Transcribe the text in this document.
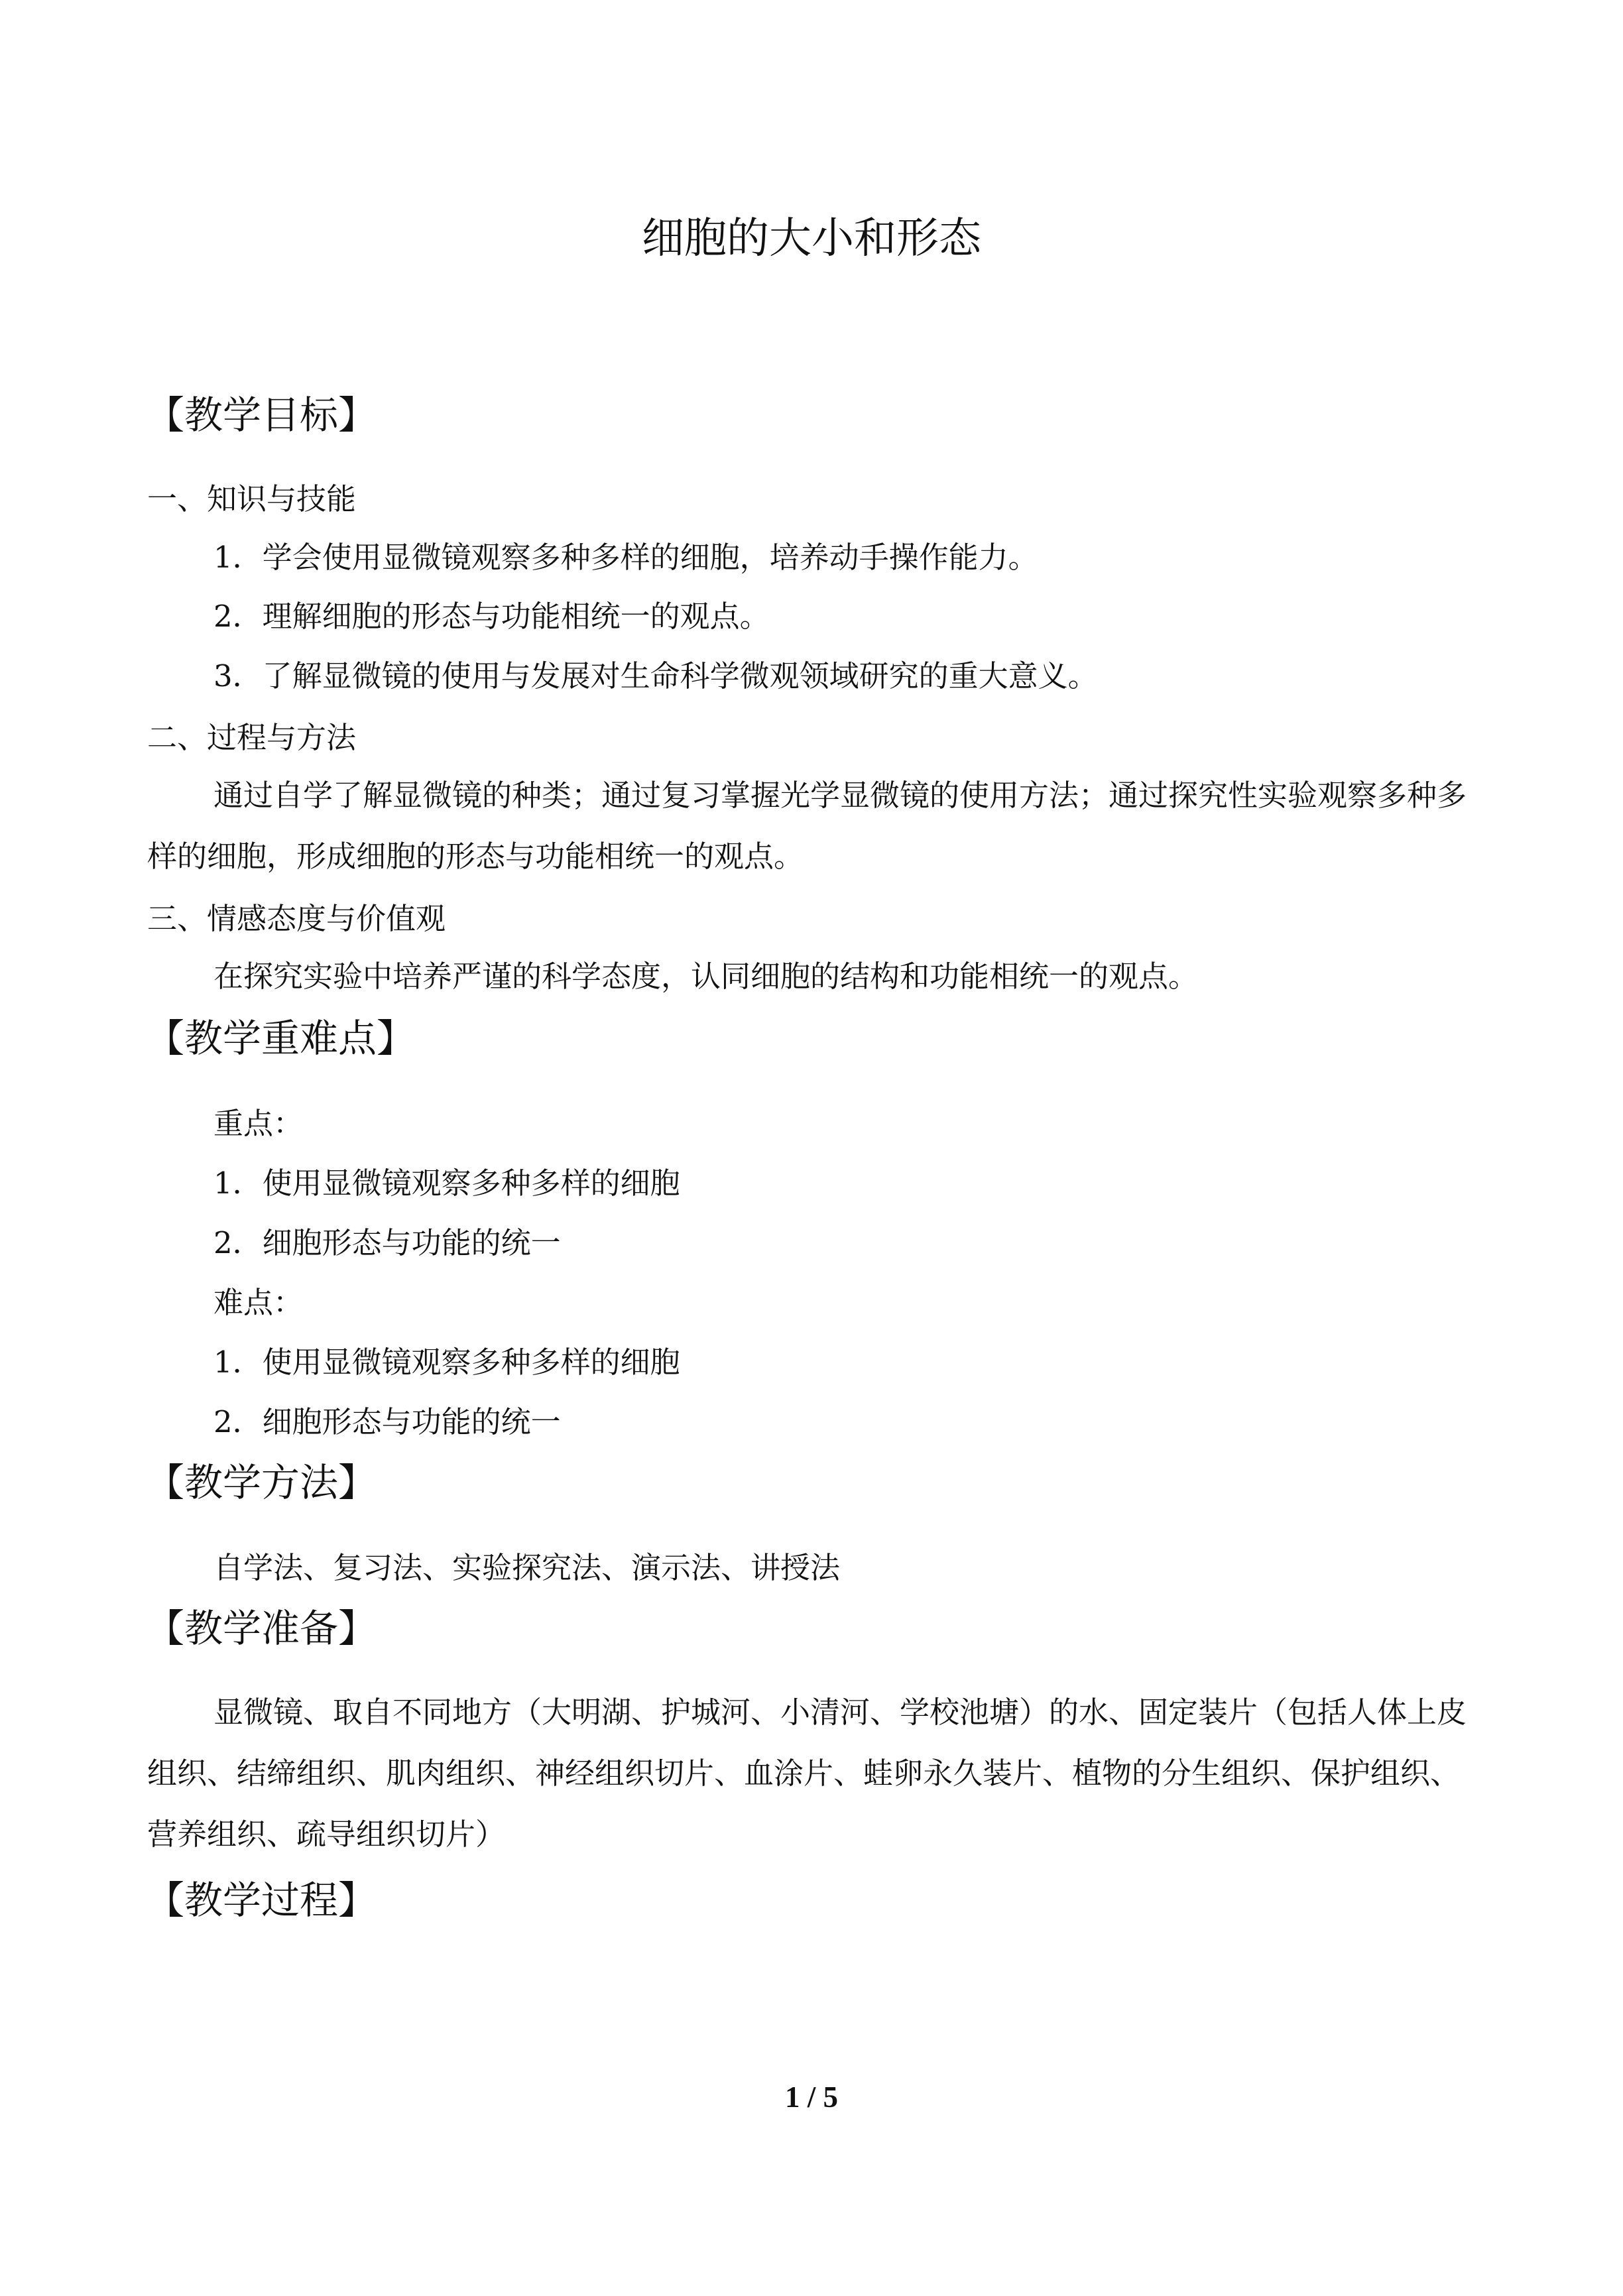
细胞的大小和形态
【教学目标】
一、知识与技能
1．学会使用显微镜观察多种多样的细胞，培养动手操作能力。
2．理解细胞的形态与功能相统一的观点。
3．了解显微镜的使用与发展对生命科学微观领域研究的重大意义。
二、过程与方法
通过自学了解显微镜的种类；通过复习掌握光学显微镜的使用方法；通过探究性实验观察多种多样的细胞，形成细胞的形态与功能相统一的观点。
三、情感态度与价值观
在探究实验中培养严谨的科学态度，认同细胞的结构和功能相统一的观点。
【教学重难点】
重点：
1．使用显微镜观察多种多样的细胞
2．细胞形态与功能的统一
难点：
1．使用显微镜观察多种多样的细胞
2．细胞形态与功能的统一
【教学方法】
自学法、复习法、实验探究法、演示法、讲授法
【教学准备】
显微镜、取自不同地方（大明湖、护城河、小清河、学校池塘）的水、固定装片（包括人体上皮组织、结缔组织、肌肉组织、神经组织切片、血涂片、蛙卵永久装片、植物的分生组织、保护组织、营养组织、疏导组织切片）
【教学过程】
1 / 5
